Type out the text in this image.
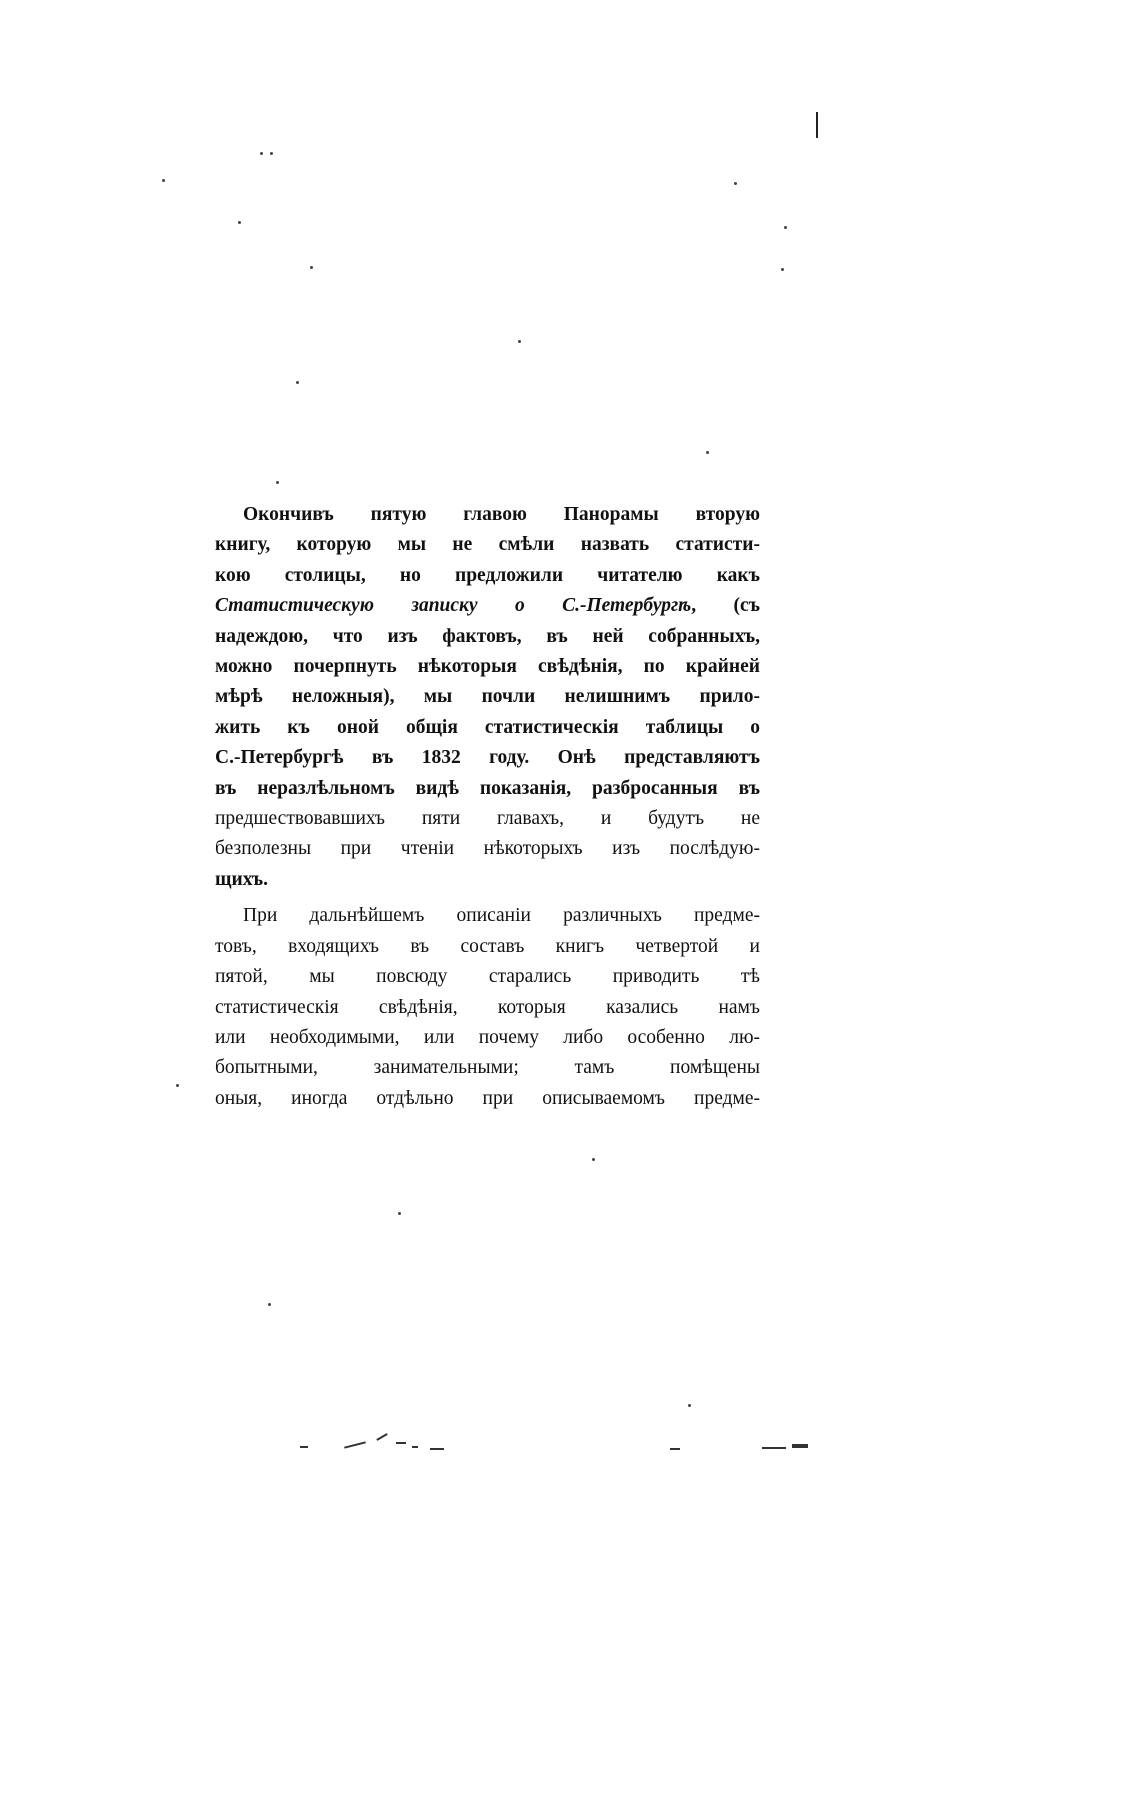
Окончивъ пятую главою Панорамы вторую
книгу, которую мы не смѣли назвать статисти-
кою столицы, но предложили читателю какъ
Статистическую записку о С.-Петербургѣ, (съ
надеждою, что изъ фактовъ, въ ней собранныхъ,
можно почерпнуть нѣкоторыя свѣдѣнія, по крайней
мѣрѣ неложныя), мы почли нелишнимъ прило-
жить къ оной общія статистическія таблицы о
С.-Петербургѣ въ 1832 году. Онѣ представляютъ
въ неразлѣльномъ видѣ показанія, разбросанныя въ
предшествовавшихъ пяти главахъ, и будутъ не
безполезны при чтеніи нѣкоторыхъ изъ послѣдую-
щихъ.

При дальнѣйшемъ описаніи различныхъ предме-
товъ, входящихъ въ составъ книгъ четвертой и
пятой, мы повсюду старались приводить тѣ
статистическія свѣдѣнія, которыя казались намъ
или необходимыми, или почему либо особенно лю-
бопытными, занимательными; тамъ помѣщены
оныя, иногда отдѣльно при описываемомъ предме-
